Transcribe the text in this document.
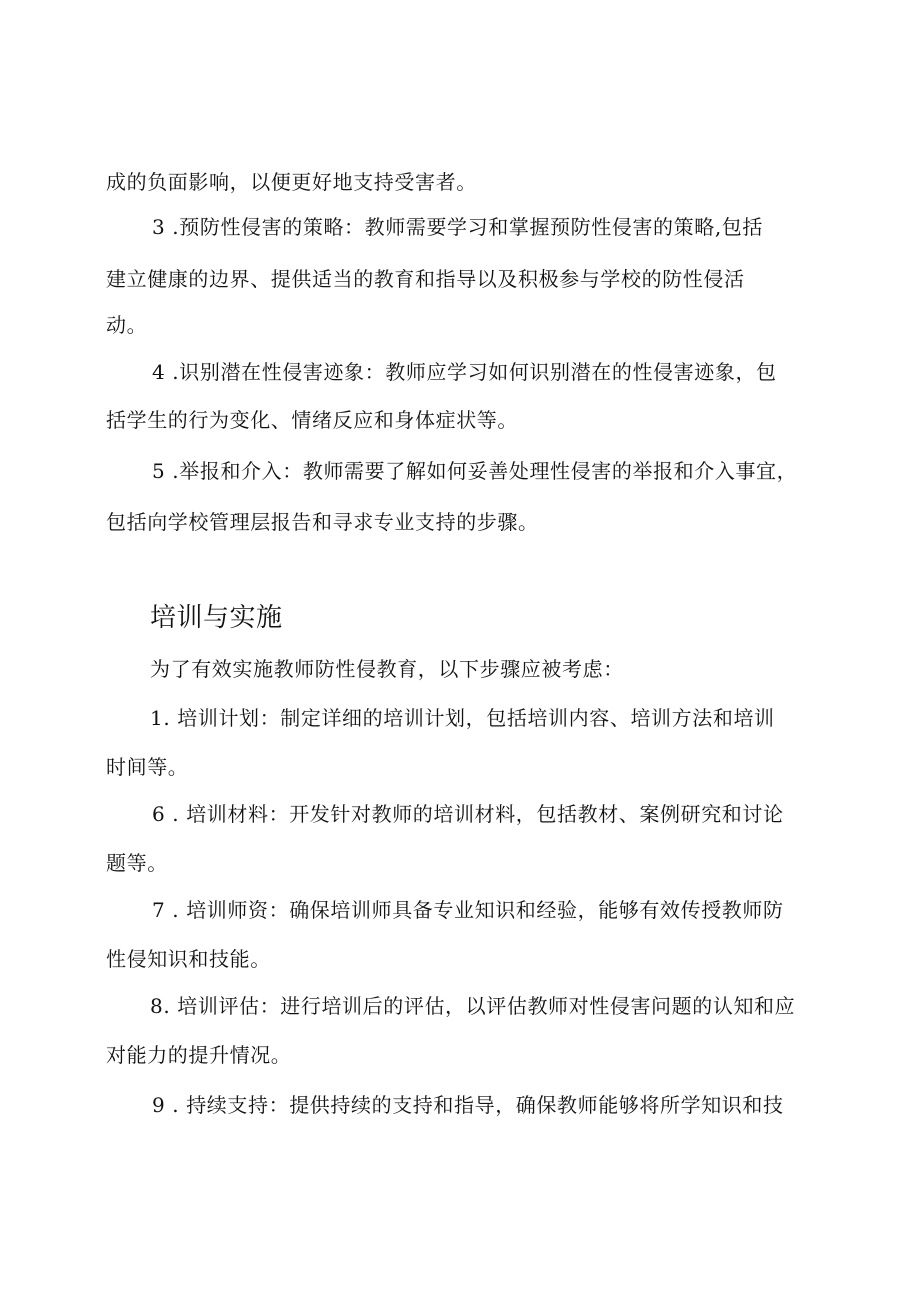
成的负面影响，以便更好地支持受害者。
3 .预防性侵害的策略：教师需要学习和掌握预防性侵害的策略,包括
建立健康的边界、提供适当的教育和指导以及积极参与学校的防性侵活
动。
4 .识别潜在性侵害迹象：教师应学习如何识别潜在的性侵害迹象，包
括学生的行为变化、情绪反应和身体症状等。
5 .举报和介入：教师需要了解如何妥善处理性侵害的举报和介入事宜，
包括向学校管理层报告和寻求专业支持的步骤。
培训与实施
为了有效实施教师防性侵教育，以下步骤应被考虑：
1. 培训计划：制定详细的培训计划，包括培训内容、培训方法和培训
时间等。
6 . 培训材料：开发针对教师的培训材料，包括教材、案例研究和讨论
题等。
7 . 培训师资：确保培训师具备专业知识和经验，能够有效传授教师防
性侵知识和技能。
8. 培训评估：进行培训后的评估，以评估教师对性侵害问题的认知和应
对能力的提升情况。
9 . 持续支持：提供持续的支持和指导，确保教师能够将所学知识和技
